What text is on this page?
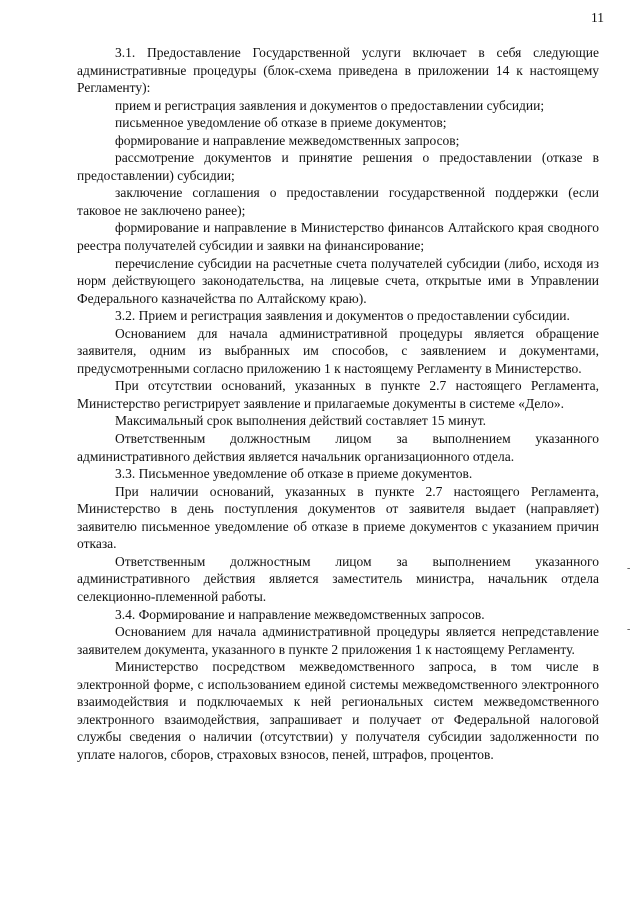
11

3.1. Предоставление Государственной услуги включает в себя следующие административные процедуры (блок-схема приведена в приложении 14 к настоящему Регламенту):

прием и регистрация заявления и документов о предоставлении субсидии;

письменное уведомление об отказе в приеме документов;

формирование и направление межведомственных запросов;

рассмотрение документов и принятие решения о предоставлении (отказе в предоставлении) субсидии;

заключение соглашения о предоставлении государственной поддержки (если таковое не заключено ранее);

формирование и направление в Министерство финансов Алтайского края сводного реестра получателей субсидии и заявки на финансирование;

перечисление субсидии на расчетные счета получателей субсидии (либо, исходя из норм действующего законодательства, на лицевые счета, открытые ими в Управлении Федерального казначейства по Алтайскому краю).

3.2. Прием и регистрация заявления и документов о предоставлении субсидии.

Основанием для начала административной процедуры является обращение заявителя, одним из выбранных им способов, с заявлением и документами, предусмотренными согласно приложению 1 к настоящему Регламенту в Министерство.

При отсутствии оснований, указанных в пункте 2.7 настоящего Регламента, Министерство регистрирует заявление и прилагаемые документы в системе «Дело».

Максимальный срок выполнения действий составляет 15 минут.

Ответственным должностным лицом за выполнением указанного административного действия является начальник организационного отдела.

3.3. Письменное уведомление об отказе в приеме документов.

При наличии оснований, указанных в пункте 2.7 настоящего Регламента, Министерство в день поступления документов от заявителя выдает (направляет) заявителю письменное уведомление об отказе в приеме документов с указанием причин отказа.

Ответственным должностным лицом за выполнением указанного административного действия является заместитель министра, начальник отдела селекционно-племенной работы.

3.4. Формирование и направление межведомственных запросов.

Основанием для начала административной процедуры является непредставление заявителем документа, указанного в пункте 2 приложения 1 к настоящему Регламенту.

Министерство посредством межведомственного запроса, в том числе в электронной форме, с использованием единой системы межведомственного электронного взаимодействия и подключаемых к ней региональных систем межведомственного электронного взаимодействия, запрашивает и получает от Федеральной налоговой службы сведения о наличии (отсутствии) у получателя субсидии задолженности по уплате налогов, сборов, страховых взносов, пеней, штрафов, процентов.

-
-
